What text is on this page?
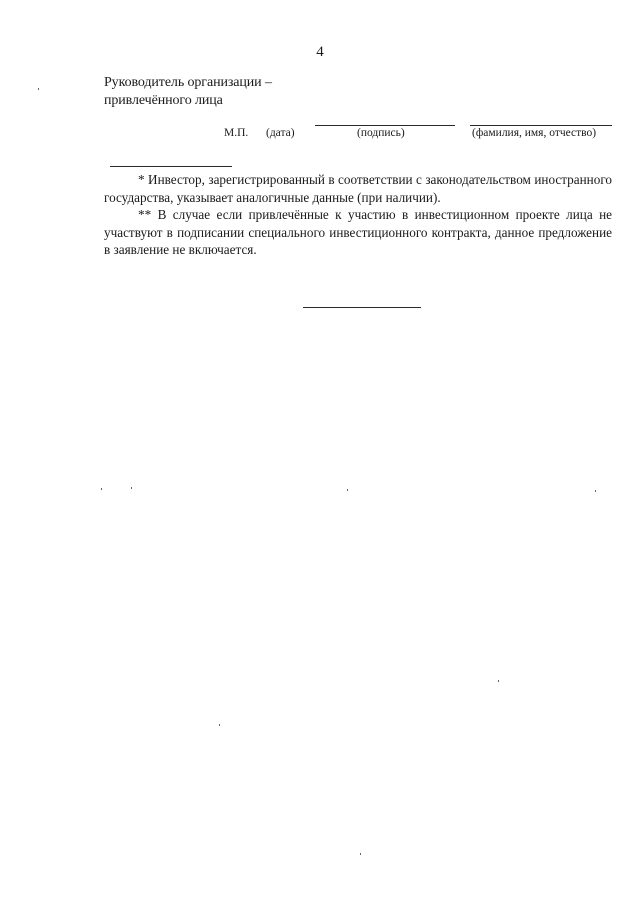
4
Руководитель организации –
привлечённого лица
М.П. (дата)	(подпись)	(фамилия, имя, отчество)
* Инвестор, зарегистрированный в соответствии с законодательством иностранного государства, указывает аналогичные данные (при наличии).
** В случае если привлечённые к участию в инвестиционном проекте лица не участвуют в подписании специального инвестиционного контракта, данное предложение в заявление не включается.
